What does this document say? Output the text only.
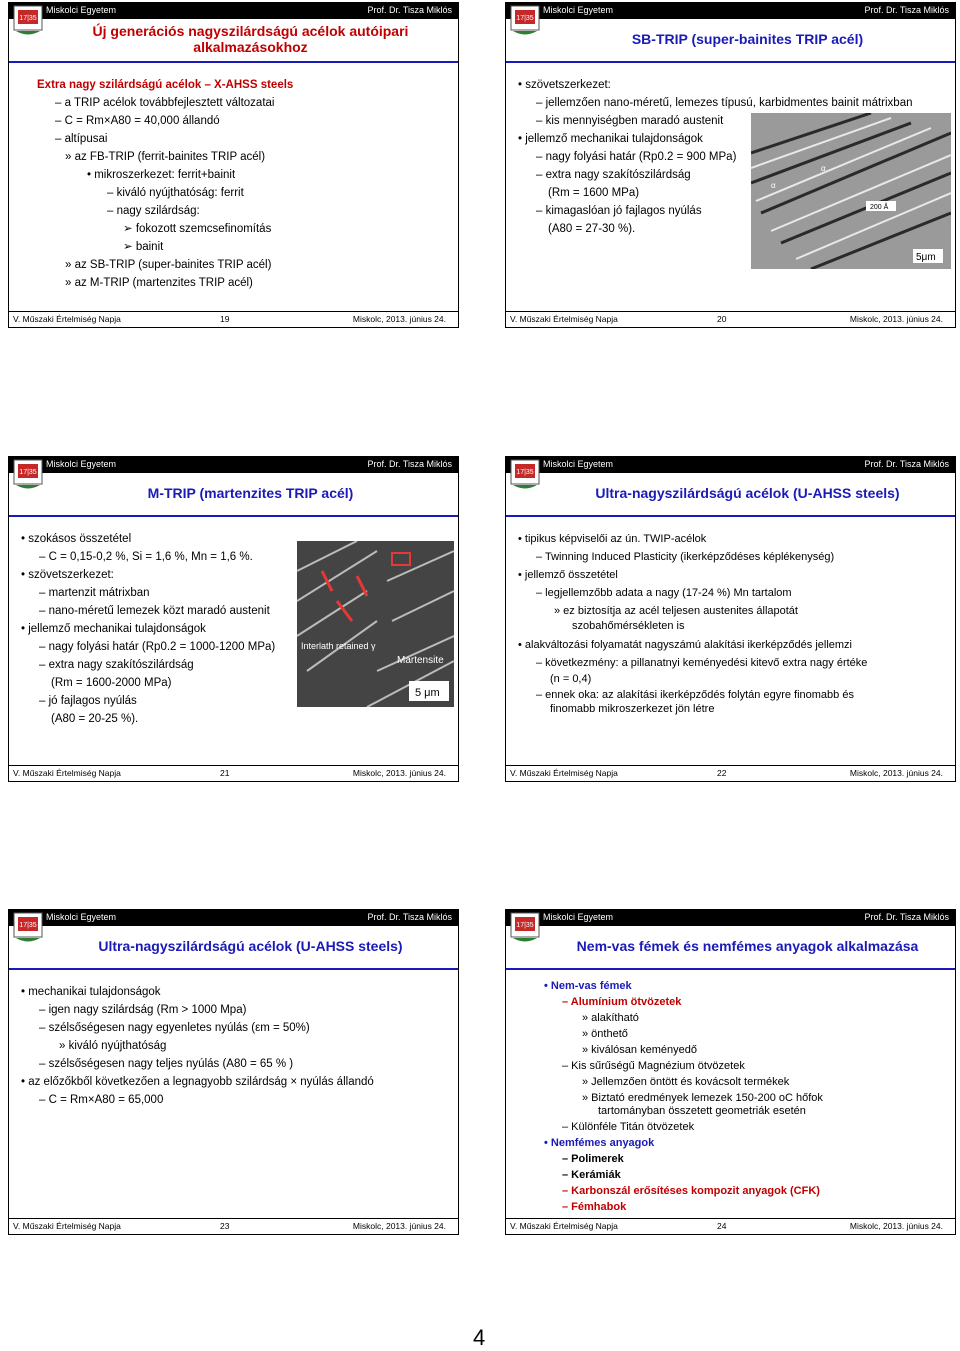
Miskolci Egyetem	Prof. Dr. Tisza Miklós
17|35
Új generációs nagyszilárdságú acélok autóipari alkalmazásokhoz
Extra nagy szilárdságú acélok – X-AHSS steels
– a TRIP acélok továbbfejlesztett változatai
– C = Rm×A80 = 40,000 állandó
– altípusai
» az FB-TRIP (ferrit-bainites TRIP acél)
• mikroszerkezet: ferrit+bainit
– kiváló nyújthatóság: ferrit
– nagy szilárdság:
➢ fokozott szemcsefinomítás
➢ bainit
» az SB-TRIP (super-bainites TRIP acél)
» az M-TRIP (martenzites TRIP acél)
V. Műszaki Értelmiség Napja	19	Miskolc, 2013. június 24.
Miskolci Egyetem	Prof. Dr. Tisza Miklós
17|35
SB-TRIP (super-bainites TRIP acél)
• szövetszerkezet:
– jellemzően nano-méretű, lemezes típusú, karbidmentes bainit mátrixban
– kis mennyiségben maradó austenit
• jellemző mechanikai tulajdonságok
– nagy folyási határ (Rp0.2 = 900 MPa)
– extra nagy szakítószilárdság
(Rm = 1600 MPa)
– kimagaslóan jó fajlagos nyúlás
(A80 = 27-30 %).
α
α
200 Å
5μm
V. Műszaki Értelmiség Napja	20	Miskolc, 2013. június 24.
Miskolci Egyetem	Prof. Dr. Tisza Miklós
17|35
M-TRIP (martenzites TRIP acél)
• szokásos összetétel
– C = 0,15-0,2 %, Si = 1,6 %, Mn = 1,6 %.
• szövetszerkezet:
– martenzit mátrixban
– nano-méretű lemezek közt maradó austenit
• jellemző mechanikai tulajdonságok
– nagy folyási határ (Rp0.2 = 1000-1200 MPa)
– extra nagy szakítószilárdság
(Rm = 1600-2000 MPa)
– jó fajlagos nyúlás
(A80 = 20-25 %).
Martensite
Interlath retained γ
5 μm
V. Műszaki Értelmiség Napja	21	Miskolc, 2013. június 24.
Miskolci Egyetem	Prof. Dr. Tisza Miklós
17|35
Ultra-nagyszilárdságú acélok (U-AHSS steels)
• tipikus képviselői az ún. TWIP-acélok
– Twinning Induced Plasticity (ikerképződéses képlékenység)
• jellemző összetétel
– legjellemzőbb adata a nagy (17-24 %) Mn tartalom
» ez biztosítja az acél teljesen austenites állapotát
szobahőmérsékleten is
• alakváltozási folyamatát nagyszámú alakítási ikerképződés jellemzi
– következmény: a pillanatnyi keményedési kitevő extra nagy értéke
(n = 0,4)
– ennek oka: az alakítási ikerképződés folytán egyre finomabb és
finomabb mikroszerkezet jön létre
V. Műszaki Értelmiség Napja	22	Miskolc, 2013. június 24.
Miskolci Egyetem	Prof. Dr. Tisza Miklós
17|35
Ultra-nagyszilárdságú acélok (U-AHSS steels)
• mechanikai tulajdonságok
– igen nagy szilárdság (Rm > 1000 Mpa)
– szélsőségesen nagy egyenletes nyúlás (εm = 50%)
» kiváló nyújthatóság
– szélsőségesen nagy teljes nyúlás (A80 = 65 % )
• az előzőkből következően a legnagyobb szilárdság × nyúlás állandó
– C = Rm×A80 = 65,000
V. Műszaki Értelmiség Napja	23	Miskolc, 2013. június 24.
Miskolci Egyetem	Prof. Dr. Tisza Miklós
17|35
Nem-vas fémek és nemfémes anyagok alkalmazása
• Nem-vas fémek
– Alumínium ötvözetek
» alakítható
» önthető
» kiválósan keményedő
– Kis sűrűségű Magnézium ötvözetek
» Jellemzően öntött és kovácsolt termékek
» Biztató eredmények lemezek 150-200 oC hőfok
tartományban összetett geometriák esetén
– Különféle Titán ötvözetek
• Nemfémes anyagok
– Polimerek
– Kerámiák
– Karbonszál erősítéses kompozit anyagok (CFK)
– Fémhabok
V. Műszaki Értelmiség Napja	24	Miskolc, 2013. június 24.
4
